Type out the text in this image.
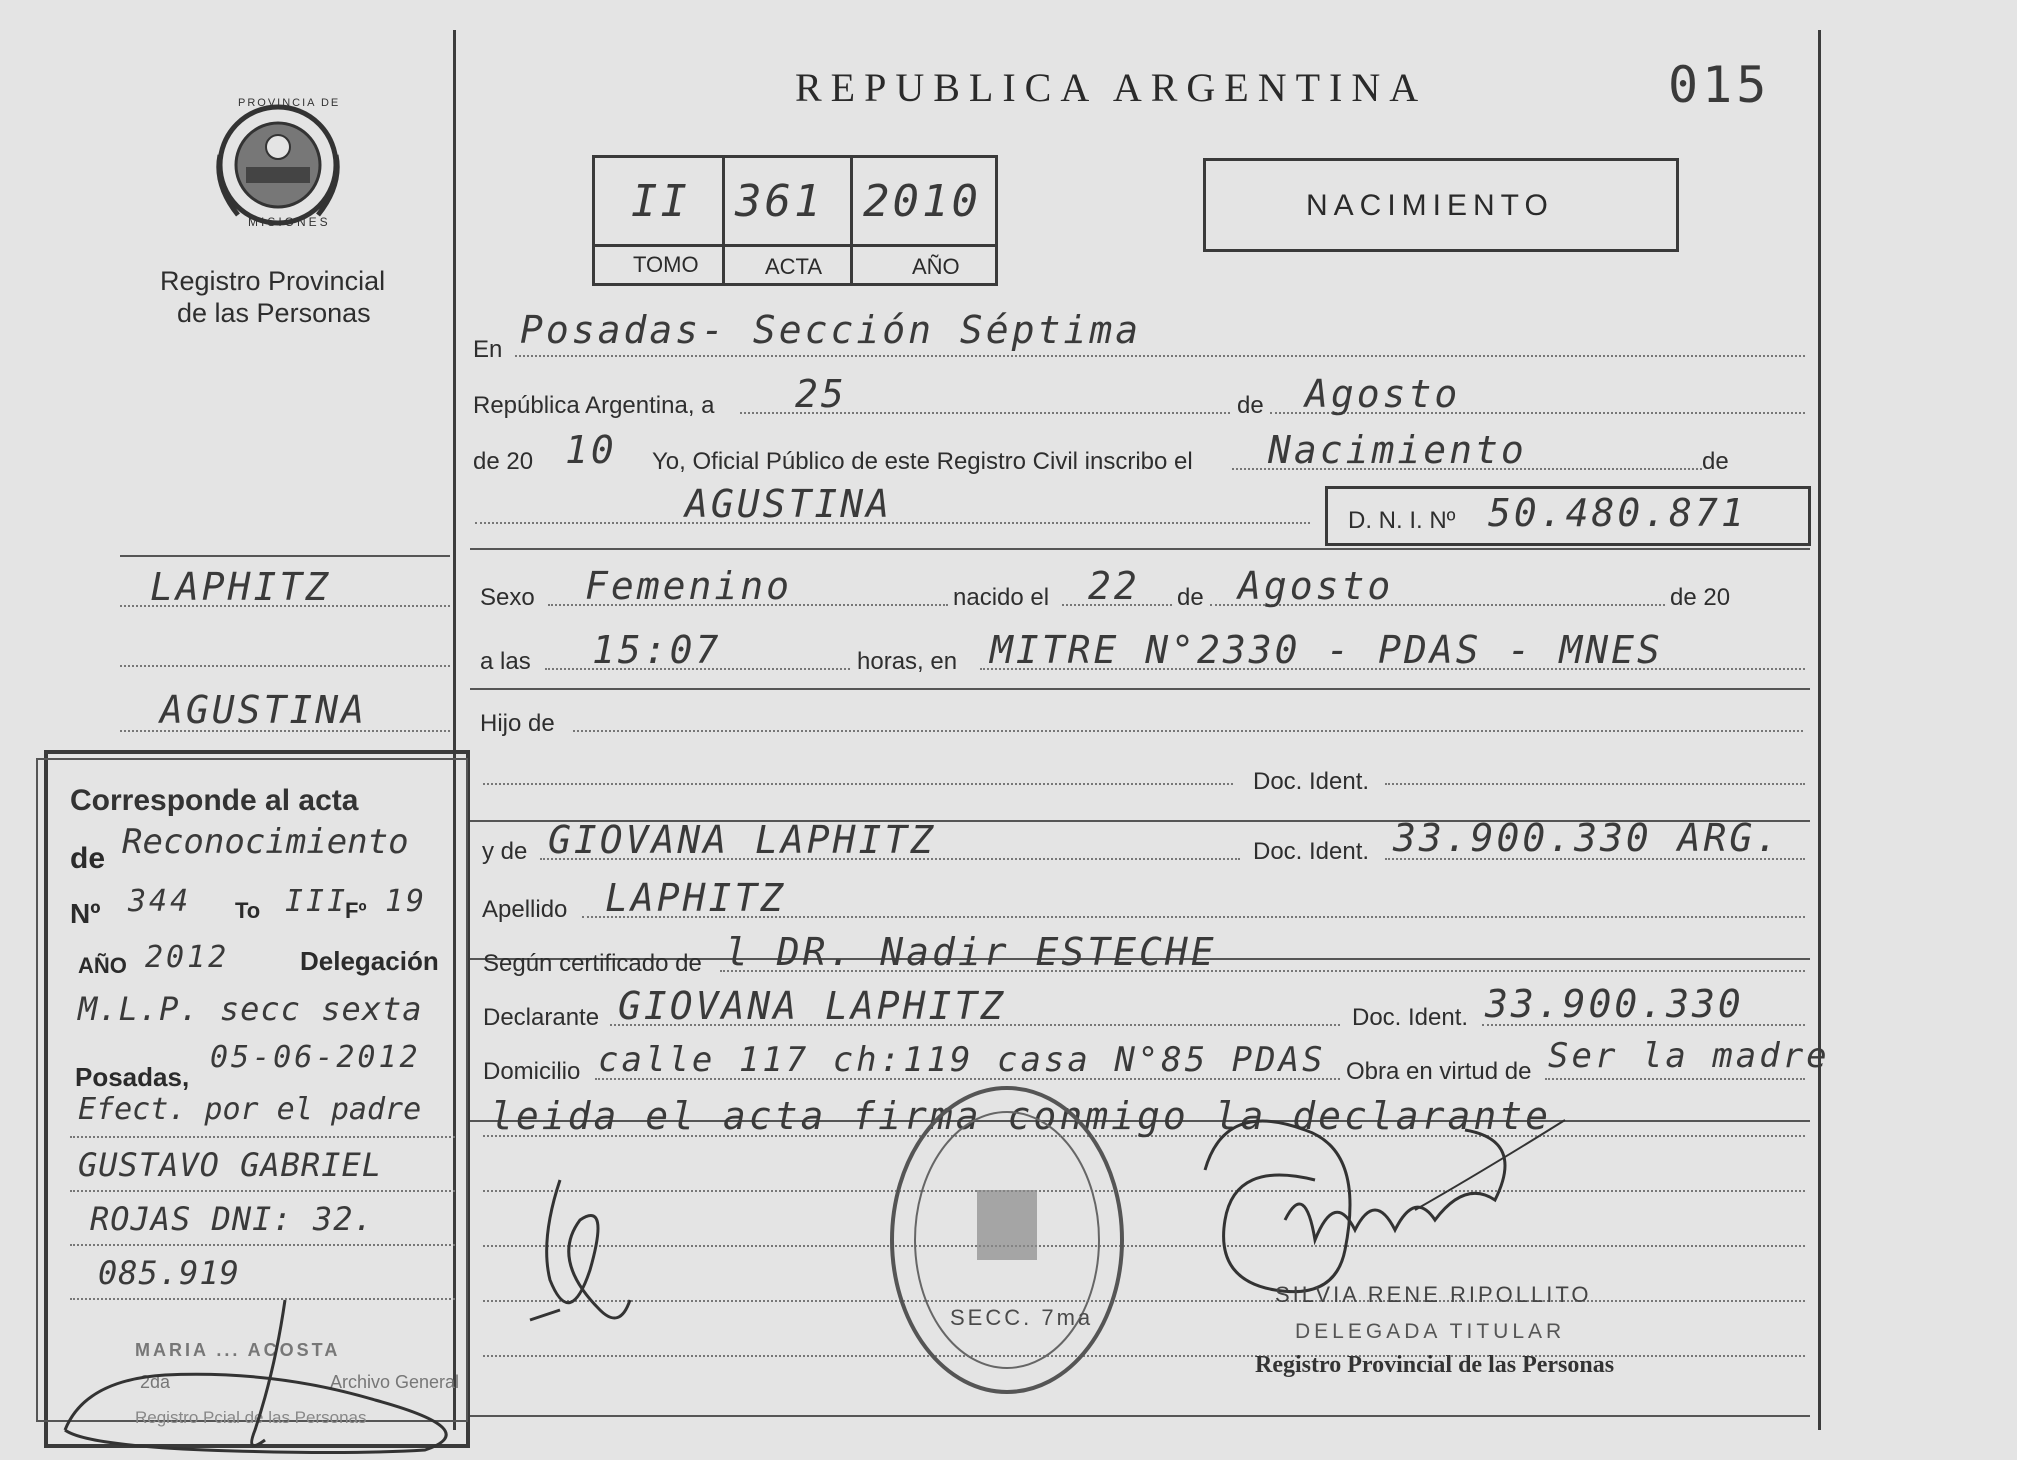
REPUBLICA ARGENTINA	015
PROVINCIA DE
MISIONES
Registro Provincial
de las Personas
II 361 2010
TOMO	ACTA	AÑO
NACIMIENTO
En Posadas- Sección Séptima
República Argentina, a 25	de Agosto
de 20 10 Yo, Oficial Público de este Registro Civil inscribo el Nacimiento	de
AGUSTINA	D. N. I. Nº 50.480.871
Sexo Femenino	nacido el 22 de Agosto	de 20
a las 15:07	horas, en MITRE N°2330 - PDAS - MNES
Hijo de
Doc. Ident.
y de GIOVANA LAPHITZ	Doc. Ident. 33.900.330 ARG.
Apellido LAPHITZ
Según certificado de l DR. Nadir ESTECHE
Declarante GIOVANA LAPHITZ	Doc. Ident. 33.900.330
Domicilio calle 117 ch:119 casa N°85 PDAS Obra en virtud de Ser la madre
leida el acta firma conmigo la declarante
SECC. 7ma
SILVIA RENE RIPOLLITO
DELEGADA TITULAR
Registro Provincial de las Personas
LAPHITZ
AGUSTINA
Corresponde al acta
de Reconocimiento
Nº 344 To III
Fº 19
AÑO 2012	Delegación
M.L.P. secc sexta
Posadas,
05-06-2012
Efect. por el padre
GUSTAVO GABRIEL
ROJAS DNI: 32.
085.919
MARIA ... ACOSTA
2da	Archivo General
Registro Pcial de las Personas
